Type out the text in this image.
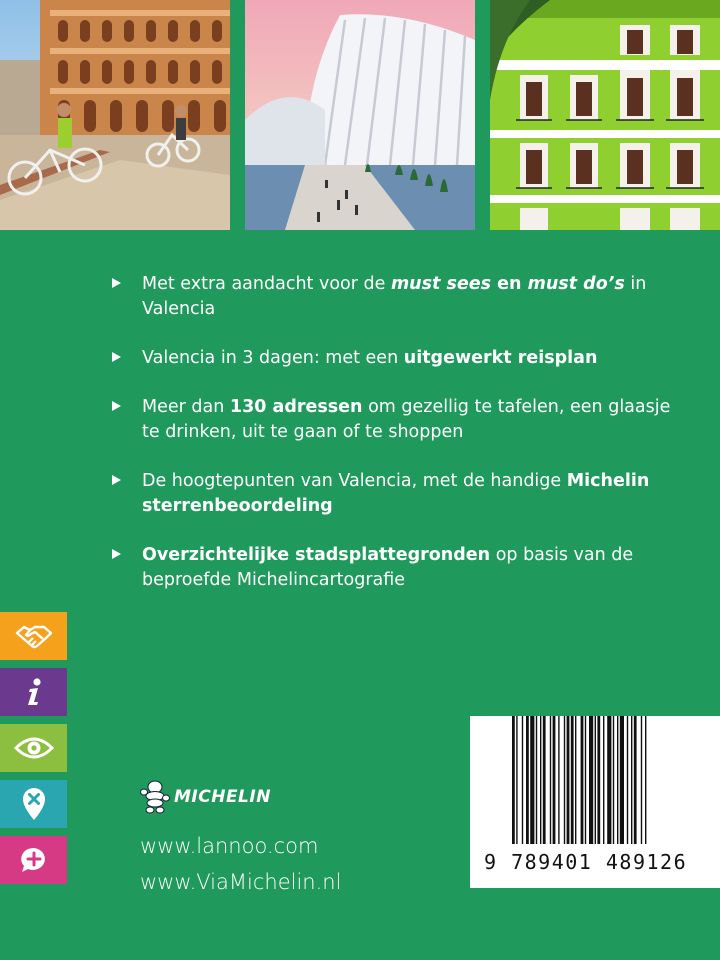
Met extra aandacht voor de must sees en must do’s in Valencia
Valencia in 3 dagen: met een uitgewerkt reisplan
Meer dan 130 adressen om gezellig te tafelen, een glaasje te drinken, uit te gaan of te shoppen
De hoogtepunten van Valencia, met de handige Michelin sterrenbeoordeling
Overzichtelijke stadsplattegronden op basis van de beproefde Michelincartografie
MICHELIN
www.lannoo.com
www.ViaMichelin.nl
9 789401 489126
